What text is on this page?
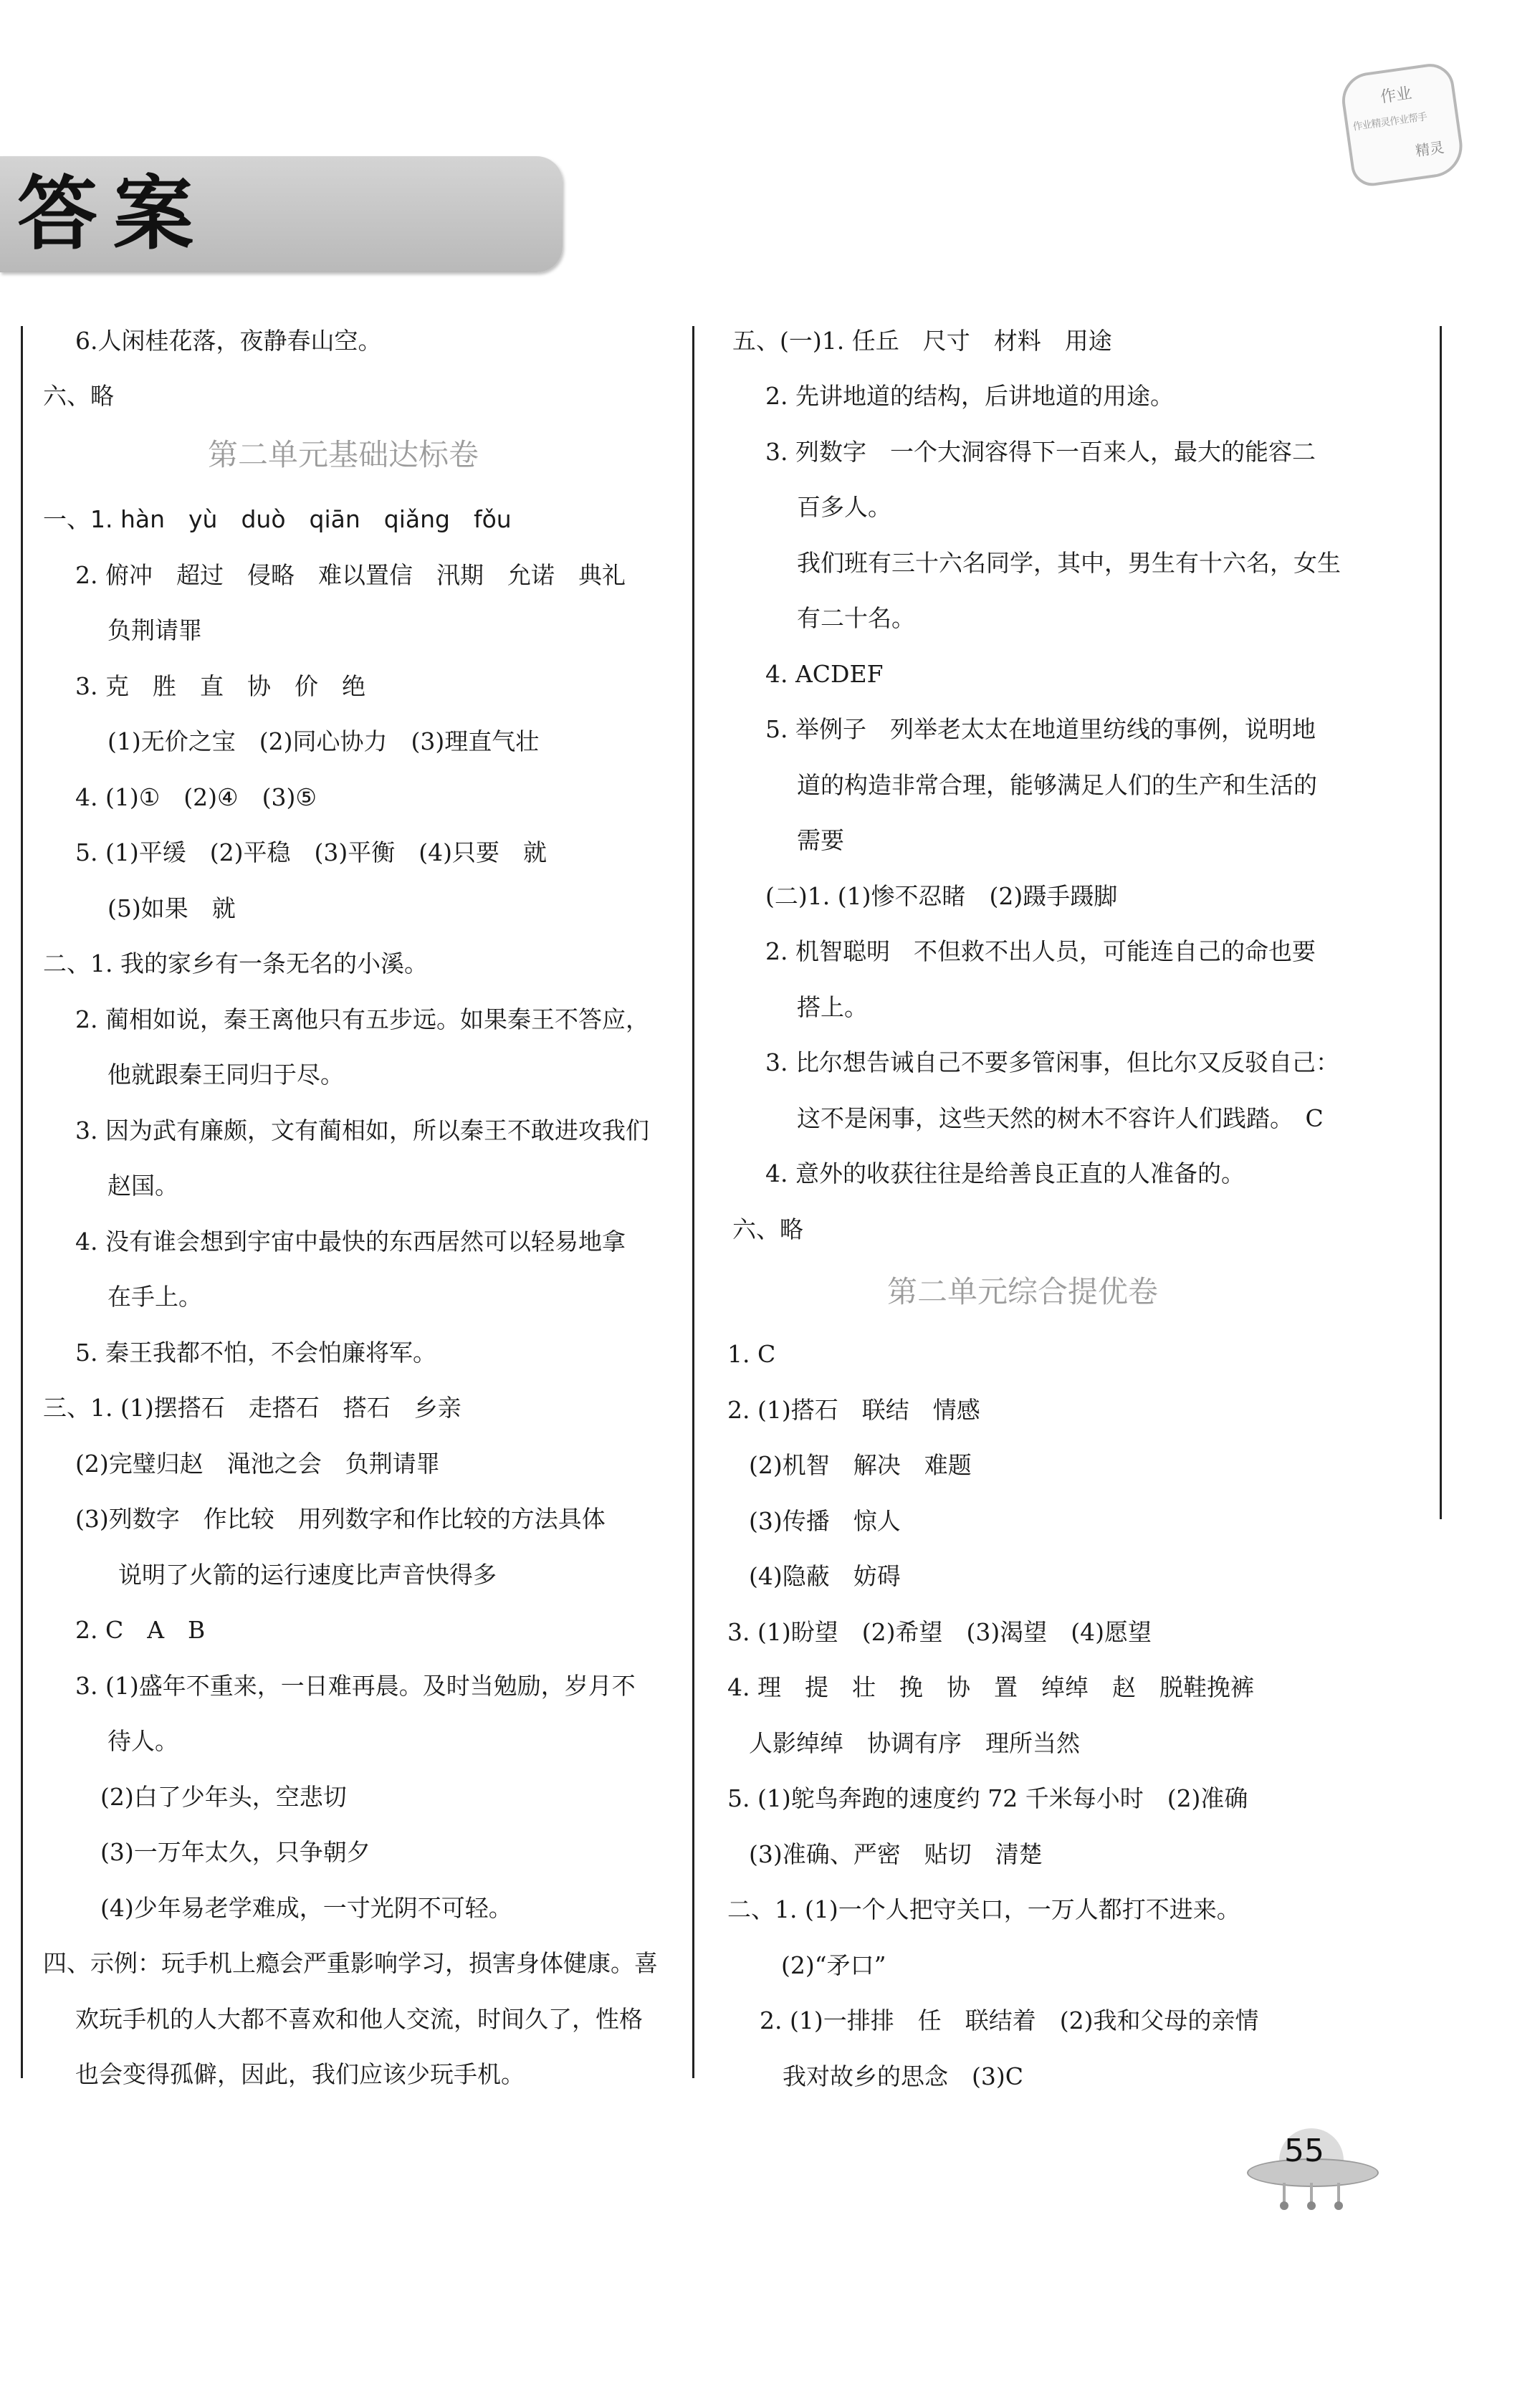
答案
作业
作业精灵作业帮手
精灵
6.人闲桂花落，夜静春山空。
六、略
第二单元基础达标卷
一、1. hàn　yù　duò　qiān　qiǎng　fǒu
2. 俯冲　超过　侵略　难以置信　汛期　允诺　典礼
负荆请罪
3. 克　胜　直　协　价　绝
(1)无价之宝　(2)同心协力　(3)理直气壮
4. (1)①　(2)④　(3)⑤
5. (1)平缓　(2)平稳　(3)平衡　(4)只要　就
(5)如果　就
二、1. 我的家乡有一条无名的小溪。
2. 蔺相如说，秦王离他只有五步远。如果秦王不答应，
他就跟秦王同归于尽。
3. 因为武有廉颇，文有蔺相如，所以秦王不敢进攻我们
赵国。
4. 没有谁会想到宇宙中最快的东西居然可以轻易地拿
在手上。
5. 秦王我都不怕，不会怕廉将军。
三、1. (1)摆搭石　走搭石　搭石　乡亲
(2)完璧归赵　渑池之会　负荆请罪
(3)列数字　作比较　用列数字和作比较的方法具体
说明了火箭的运行速度比声音快得多
2. C　A　B
3. (1)盛年不重来，一日难再晨。及时当勉励，岁月不
待人。
(2)白了少年头，空悲切
(3)一万年太久，只争朝夕
(4)少年易老学难成，一寸光阴不可轻。
四、示例：玩手机上瘾会严重影响学习，损害身体健康。喜
欢玩手机的人大都不喜欢和他人交流，时间久了，性格
也会变得孤僻，因此，我们应该少玩手机。
五、(一)1. 任丘　尺寸　材料　用途
2. 先讲地道的结构，后讲地道的用途。
3. 列数字　一个大洞容得下一百来人，最大的能容二
百多人。
我们班有三十六名同学，其中，男生有十六名，女生
有二十名。
4. ACDEF
5. 举例子　列举老太太在地道里纺线的事例，说明地
道的构造非常合理，能够满足人们的生产和生活的
需要
(二)1. (1)惨不忍睹　(2)蹑手蹑脚
2. 机智聪明　不但救不出人员，可能连自己的命也要
搭上。
3. 比尔想告诫自己不要多管闲事，但比尔又反驳自己：
这不是闲事，这些天然的树木不容许人们践踏。　C
4. 意外的收获往往是给善良正直的人准备的。
六、略
第二单元综合提优卷
1. C
2. (1)搭石　联结　情感
(2)机智　解决　难题
(3)传播　惊人
(4)隐蔽　妨碍
3. (1)盼望　(2)希望　(3)渴望　(4)愿望
4. 理　提　壮　挽　协　置　绰绰　赵　脱鞋挽裤
人影绰绰　协调有序　理所当然
5. (1)鸵鸟奔跑的速度约 72 千米每小时　(2)准确
(3)准确、严密　贴切　清楚
二、1. (1)一个人把守关口，一万人都打不进来。
(2)“矛口”
2. (1)一排排　任　联结着　(2)我和父母的亲情
我对故乡的思念　(3)C
55
